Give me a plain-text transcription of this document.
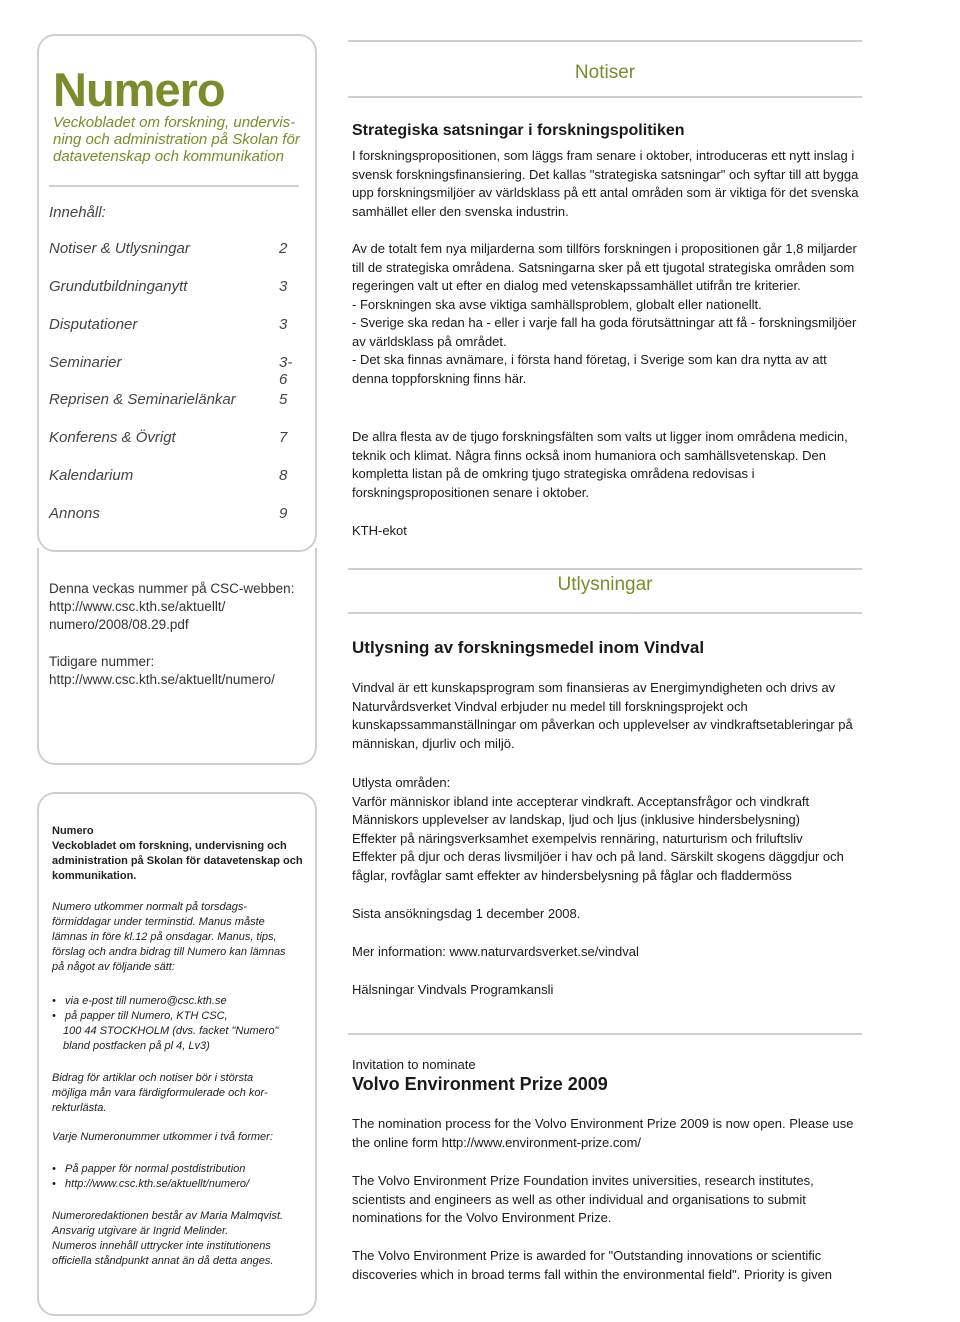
Numero
Veckobladet om forskning, undervis-
ning och administration på Skolan för
datavetenskap och kommunikation
Innehåll:
Notiser & Utlysningar	2
Grundutbildninganytt	3
Disputationer	3
Seminarier	3-6
Reprisen & Seminarielänkar	5
Konferens & Övrigt	7
Kalendarium	8
Annons	9
Denna veckas nummer på CSC-webben:
http://www.csc.kth.se/aktuellt/
numero/2008/08.29.pdf
Tidigare nummer:
http://www.csc.kth.se/aktuellt/numero/
Numero
Veckobladet om forskning, undervisning och
administration på Skolan för datavetenskap och
kommunikation.
Numero utkommer normalt på torsdags-
förmiddagar under terminstid. Manus måste
lämnas in före kl.12 på onsdagar. Manus, tips,
förslag och andra bidrag till Numero kan lämnas
på något av följande sätt:
•   via e-post till numero@csc.kth.se
•   på papper till Numero, KTH CSC,
100 44 STOCKHOLM (dvs. facket "Numero"
bland postfacken på pl 4, Lv3)
Bidrag för artiklar och notiser bör i största
möjliga mån vara färdigformulerade och kor-
rekturlästa.
Varje Numeronummer utkommer i två former:
•   På papper för normal postdistribution
•   http://www.csc.kth.se/aktuellt/numero/
Numeroredaktionen består av Maria Malmqvist.
Ansvarig utgivare är Ingrid Melinder.
Numeros innehåll uttrycker inte institutionens
officiella ståndpunkt annat än då detta anges.
Notiser
Strategiska satsningar i forskningspolitiken
I forskningspropositionen, som läggs fram senare i oktober, introduceras ett nytt inslag i svensk forskningsfinansiering. Det kallas "strategiska satsningar" och syftar till att bygga upp forskningsmiljöer av världsklass på ett antal områden som är viktiga för det svenska samhället eller den svenska industrin.
Av de totalt fem nya miljarderna som tillförs forskningen i propositionen går 1,8 miljarder till de strategiska områdena. Satsningarna sker på ett tjugotal strategiska områden som regeringen valt ut efter en dialog med vetenskapssamhället utifrån tre kriterier.
- Forskningen ska avse viktiga samhällsproblem, globalt eller nationellt.
- Sverige ska redan ha - eller i varje fall ha goda förutsättningar att få - forskningsmiljöer av världsklass på området.
- Det ska finnas avnämare, i första hand företag, i Sverige som kan dra nytta av att denna toppforskning finns här.
De allra flesta av de tjugo forskningsfälten som valts ut ligger inom områdena medicin, teknik och klimat. Några finns också inom humaniora och samhällsvetenskap. Den kompletta listan på de omkring tjugo strategiska områdena redovisas i forskningspropositionen senare i oktober.
KTH-ekot
Utlysningar
Utlysning av forskningsmedel inom Vindval
Vindval är ett kunskapsprogram som finansieras av Energimyndigheten och drivs av Naturvårdsverket Vindval erbjuder nu medel till forskningsprojekt och kunskapssammanställningar om påverkan och upplevelser av vindkraftsetableringar på människan, djurliv och miljö.
Utlysta områden:
Varför människor ibland inte accepterar vindkraft. Acceptansfrågor och vindkraft
Människors upplevelser av landskap, ljud och ljus (inklusive hindersbelysning)
Effekter på näringsverksamhet exempelvis rennäring, naturturism och friluftsliv
Effekter på djur och deras livsmiljöer i hav och på land. Särskilt skogens däggdjur och fåglar, rovfåglar samt effekter av hindersbelysning på fåglar och fladdermöss
Sista ansökningsdag 1 december 2008.
Mer information: www.naturvardsverket.se/vindval
Hälsningar Vindvals Programkansli
Invitation to nominate
Volvo Environment Prize 2009
The nomination process for the Volvo Environment Prize 2009 is now open. Please use the online form http://www.environment-prize.com/
The Volvo Environment Prize Foundation invites universities, research institutes, scientists and engineers as well as other individual and organisations to submit nominations for the Volvo Environment Prize.
The Volvo Environment Prize is awarded for "Outstanding innovations or scientific discoveries which in broad terms fall within the environmental field". Priority is given
